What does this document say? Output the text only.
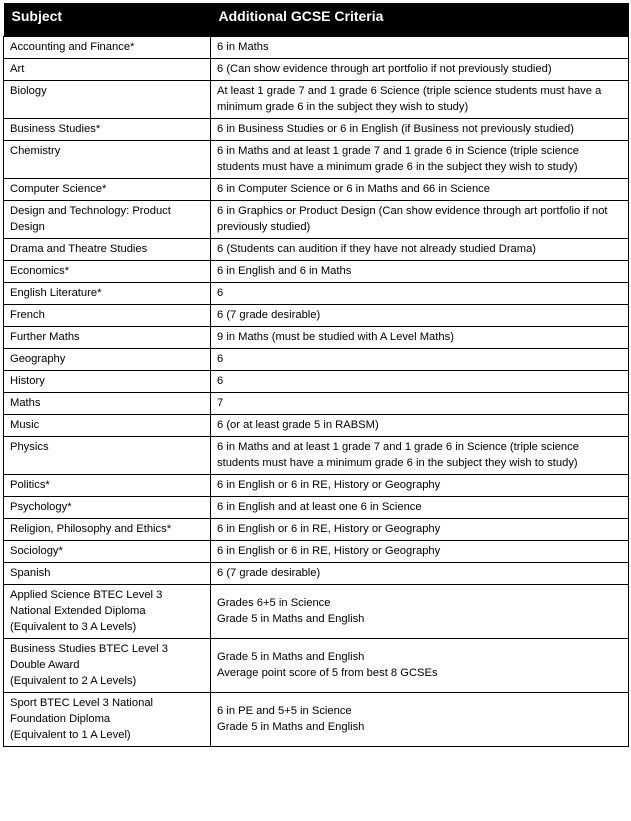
Subject	Additional GCSE Criteria

Accounting and Finance*	6 in Maths

Art	6 (Can show evidence through art portfolio if not previously studied)

Biology	At least 1 grade 7 and 1 grade 6 Science (triple science students must have a minimum grade 6 in the subject they wish to study)

Business Studies*	6 in Business Studies or 6 in English (if Business not previously studied)

Chemistry	6 in Maths and at least 1 grade 7 and 1 grade 6 in Science (triple science students must have a minimum grade 6 in the subject they wish to study)

Computer Science*	6 in Computer Science or 6 in Maths and 66 in Science

Design and Technology: Product Design	6 in Graphics or Product Design (Can show evidence through art portfolio if not previously studied)

Drama and Theatre Studies	6 (Students can audition if they have not already studied Drama)

Economics*	6 in English and 6 in Maths

English Literature*	6

French	6 (7 grade desirable)

Further Maths	9 in Maths (must be studied with A Level Maths)

Geography	6

History	6

Maths	7

Music	6 (or at least grade 5 in RABSM)

Physics	6 in Maths and at least 1 grade 7 and 1 grade 6 in Science (triple science students must have a minimum grade 6 in the subject they wish to study)

Politics*	6 in English or 6 in RE, History or Geography

Psychology*	6 in English and at least one 6 in Science

Religion, Philosophy and Ethics*	6 in English or 6 in RE, History or Geography

Sociology*	6 in English or 6 in RE, History or Geography

Spanish	6 (7 grade desirable)

Applied Science BTEC Level 3 National Extended Diploma
(Equivalent to 3 A Levels)	Grades 6+5 in Science
Grade 5 in Maths and English

Business Studies BTEC Level 3 Double Award
(Equivalent to 2 A Levels)	Grade 5 in Maths and English
Average point score of 5 from best 8 GCSEs

Sport BTEC Level 3 National Foundation Diploma
(Equivalent to 1 A Level)	6 in PE and 5+5 in Science
Grade 5 in Maths and English
